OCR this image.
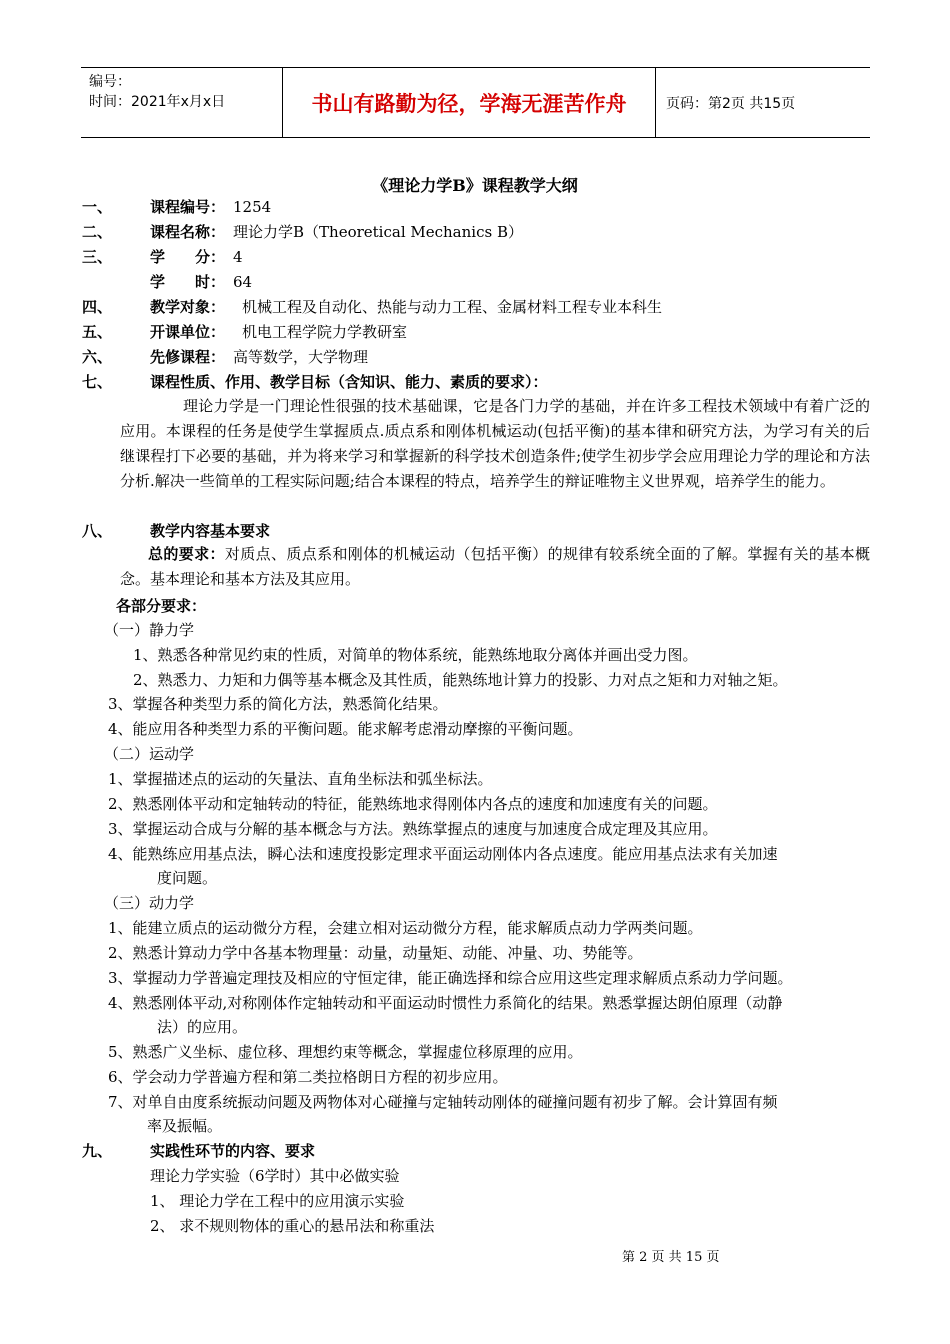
编号：
时间：2021年x月x日	书山有路勤为径，学海无涯苦作舟	页码：第2页 共15页
《理论力学B》课程教学大纲
一、	课程编号： 1254
二、	课程名称： 理论力学B（Theoretical Mechanics B）
三、	学　　分： 4
学　　时： 64
四、	教学对象： 机械工程及自动化、热能与动力工程、金属材料工程专业本科生
五、	开课单位： 机电工程学院力学教研室
六、	先修课程： 高等数学，大学物理
七、	课程性质、作用、教学目标（含知识、能力、素质的要求）：
理论力学是一门理论性很强的技术基础课，它是各门力学的基础，并在许多工程技术领域中有着广泛的应用。本课程的任务是使学生掌握质点.质点系和刚体机械运动(包括平衡)的基本律和研究方法，为学习有关的后继课程打下必要的基础，并为将来学习和掌握新的科学技术创造条件;使学生初步学会应用理论力学的理论和方法分析.解决一些简单的工程实际问题;结合本课程的特点，培养学生的辩证唯物主义世界观，培养学生的能力。
八、	教学内容基本要求
总的要求：对质点、质点系和刚体的机械运动（包括平衡）的规律有较系统全面的了解。掌握有关的基本概念。基本理论和基本方法及其应用。
各部分要求：
（一）静力学
1、熟悉各种常见约束的性质，对简单的物体系统，能熟练地取分离体并画出受力图。
2、熟悉力、力矩和力偶等基本概念及其性质，能熟练地计算力的投影、力对点之矩和力对轴之矩。
3、掌握各种类型力系的简化方法，熟悉简化结果。
4、能应用各种类型力系的平衡问题。能求解考虑滑动摩擦的平衡问题。
（二）运动学
1、掌握描述点的运动的矢量法、直角坐标法和弧坐标法。
2、熟悉刚体平动和定轴转动的特征，能熟练地求得刚体内各点的速度和加速度有关的问题。
3、掌握运动合成与分解的基本概念与方法。熟练掌握点的速度与加速度合成定理及其应用。
4、能熟练应用基点法，瞬心法和速度投影定理求平面运动刚体内各点速度。能应用基点法求有关加速
度问题。
（三）动力学
1、能建立质点的运动微分方程，会建立相对运动微分方程，能求解质点动力学两类问题。
2、熟悉计算动力学中各基本物理量：动量，动量矩、动能、冲量、功、势能等。
3、掌握动力学普遍定理技及相应的守恒定律，能正确选择和综合应用这些定理求解质点系动力学问题。
4、熟悉刚体平动,对称刚体作定轴转动和平面运动时惯性力系简化的结果。熟悉掌握达朗伯原理（动静
法）的应用。
5、熟悉广义坐标、虚位移、理想约束等概念，掌握虚位移原理的应用。
6、学会动力学普遍方程和第二类拉格朗日方程的初步应用。
7、对单自由度系统振动问题及两物体对心碰撞与定轴转动刚体的碰撞问题有初步了解。会计算固有频
率及振幅。
九、	实践性环节的内容、要求
理论力学实验（6学时）其中必做实验
1、 理论力学在工程中的应用演示实验
2、 求不规则物体的重心的悬吊法和称重法
第 2 页 共 15 页
